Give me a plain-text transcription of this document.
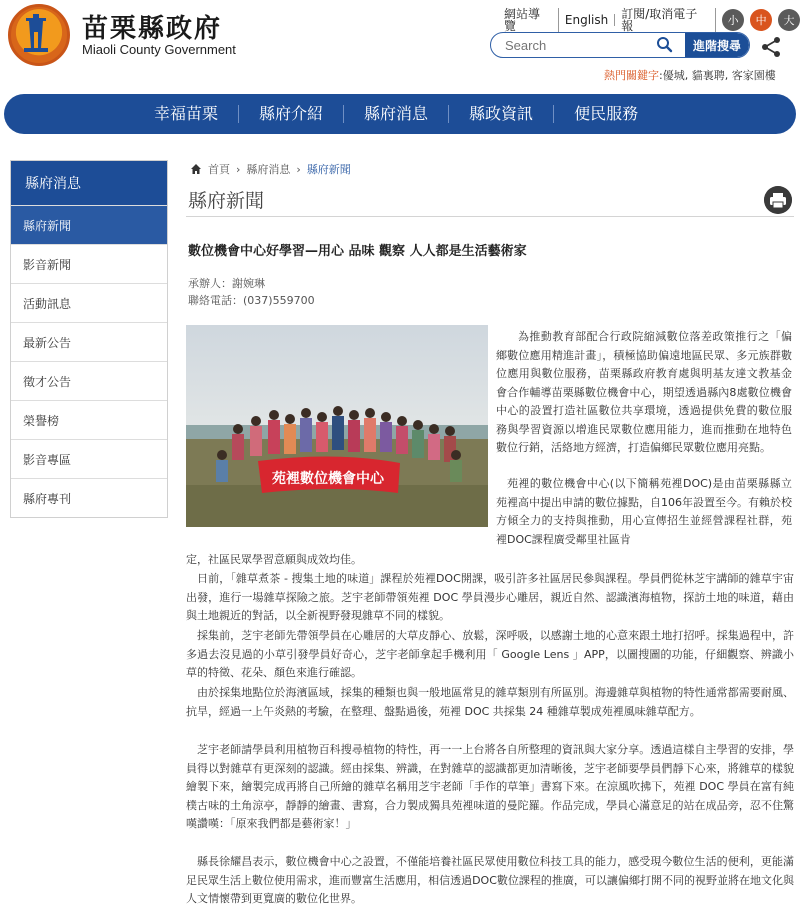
苗栗縣政府
Miaoli County Government
網站導覽	English	訂閱/取消電子報	小	中	大
Search
進階搜尋
熱門關鍵字:優城, 貓裏聘, 客家園樓
幸福苗栗	縣府介紹	縣府消息	縣政資訊	便民服務
縣府消息
縣府新聞
影音新聞
活動訊息
最新公告
徵才公告
榮譽榜
影音專區
縣府專刊
首頁 › 縣府消息 › 縣府新聞
縣府新聞
數位機會中心好學習—用心 品味 觀察 人人都是生活藝術家
承辦人：謝婉琳
聯絡電話：(037)559700
苑裡數位機會中心
為推動教育部配合行政院縮減數位落差政策推行之「偏鄉數位應用精進計畫」，積極協助偏遠地區民眾、多元族群數位應用與數位服務，苗栗縣政府教育處與明基友達文教基金會合作輔導苗栗縣數位機會中心，期望透過縣內8處數位機會中心的設置打造社區數位共享環境，透過提供免費的數位服務與學習資源以增進民眾數位應用能力，進而推動在地特色數位行銷，活絡地方經濟，打造偏鄉民眾數位應用亮點。
苑裡的數位機會中心(以下簡稱苑裡DOC)是由苗栗縣縣立苑裡高中提出申請的數位據點，自106年設置至今。有賴於校方傾全力的支持與推動，用心宣傳招生並經營課程社群，苑裡DOC課程廣受鄰里社區肯
定，社區民眾學習意願與成效均佳。
日前，「雜草煮茶 - 搜集土地的味道」課程於苑裡DOC開課，吸引許多社區居民參與課程。學員們從林芝宇講師的雜草宇宙出發，進行一場雜草探險之旅。芝宇老師帶領苑裡 DOC 學員漫步心雕居，親近自然、認識濱海植物，探訪土地的味道，藉由與土地親近的對話，以全新視野發現雜草不同的樣貌。
採集前，芝宇老師先帶領學員在心雕居的大草皮靜心、放鬆，深呼吸，以感謝土地的心意來跟土地打招呼。採集過程中，許多過去沒見過的小草引發學員好奇心，芝宇老師拿起手機利用「 Google Lens 」APP，以圖搜圖的功能，仔細觀察、辨識小草的特徵、花朵、顏色來進行確認。
由於採集地點位於海濱區域，採集的種類也與一般地區常見的雜草類別有所區別。海邊雜草與植物的特性通常都需要耐風、抗旱，經過一上午炎熱的考驗，在整理、盤點過後，苑裡 DOC 共採集 24 種雜草製成苑裡風味雜草配方。
芝宇老師請學員利用植物百科搜尋植物的特性，再一一上台將各自所整理的資訊與大家分享。透過這樣自主學習的安排，學員得以對雜草有更深刻的認識。經由採集、辨識，在對雜草的認識都更加清晰後，芝宇老師要學員們靜下心來，將雜草的樣貌繪製下來，繪製完成再將自己所繪的雜草名稱用芝宇老師「手作的草筆」書寫下來。在涼風吹拂下，苑裡 DOC 學員在富有純樸古味的土角涼亭，靜靜的繪畫、書寫，合力製成獨具苑裡味道的曼陀羅。作品完成，學員心滿意足的站在成品旁，忍不住驚嘆讚嘆：「原來我們都是藝術家！」
縣長徐耀昌表示，數位機會中心之設置，不僅能培養社區民眾使用數位科技工具的能力，感受現今數位生活的便利，更能滿足民眾生活上數位使用需求，進而豐富生活應用，相信透過DOC數位課程的推廣，可以讓偏鄉打開不同的視野並將在地文化與人文情懷帶到更寬廣的數位化世界。
